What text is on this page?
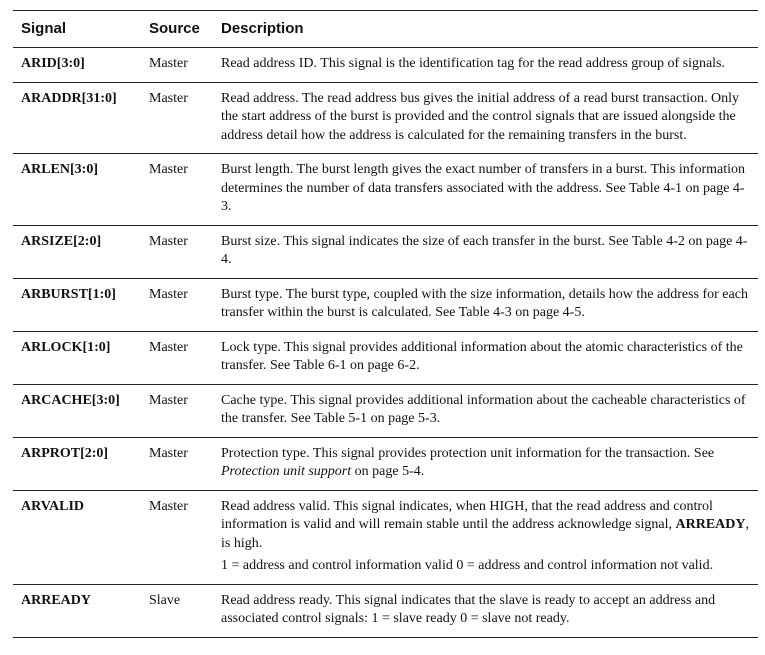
Signal	Source	Description
ARID[3:0]	Master	Read address ID. This signal is the identification tag for the read address group of signals.
ARADDR[31:0]	Master	Read address. The read address bus gives the initial address of a read burst transaction. Only the start address of the burst is provided and the control signals that are issued alongside the address detail how the address is calculated for the remaining transfers in the burst.
ARLEN[3:0]	Master	Burst length. The burst length gives the exact number of transfers in a burst. This information determines the number of data transfers associated with the address. See Table 4-1 on page 4-3.
ARSIZE[2:0]	Master	Burst size. This signal indicates the size of each transfer in the burst. See Table 4-2 on page 4-4.
ARBURST[1:0]	Master	Burst type. The burst type, coupled with the size information, details how the address for each transfer within the burst is calculated. See Table 4-3 on page 4-5.
ARLOCK[1:0]	Master	Lock type. This signal provides additional information about the atomic characteristics of the transfer. See Table 6-1 on page 6-2.
ARCACHE[3:0]	Master	Cache type. This signal provides additional information about the cacheable characteristics of the transfer. See Table 5-1 on page 5-3.
ARPROT[2:0]	Master	Protection type. This signal provides protection unit information for the transaction. See Protection unit support on page 5-4.
ARVALID	Master	Read address valid. This signal indicates, when HIGH, that the read address and control information is valid and will remain stable until the address acknowledge signal, ARREADY, is high.
1 = address and control information valid 0 = address and control information not valid.

ARREADY	Slave	Read address ready. This signal indicates that the slave is ready to accept an address and associated control signals: 1 = slave ready 0 = slave not ready.
